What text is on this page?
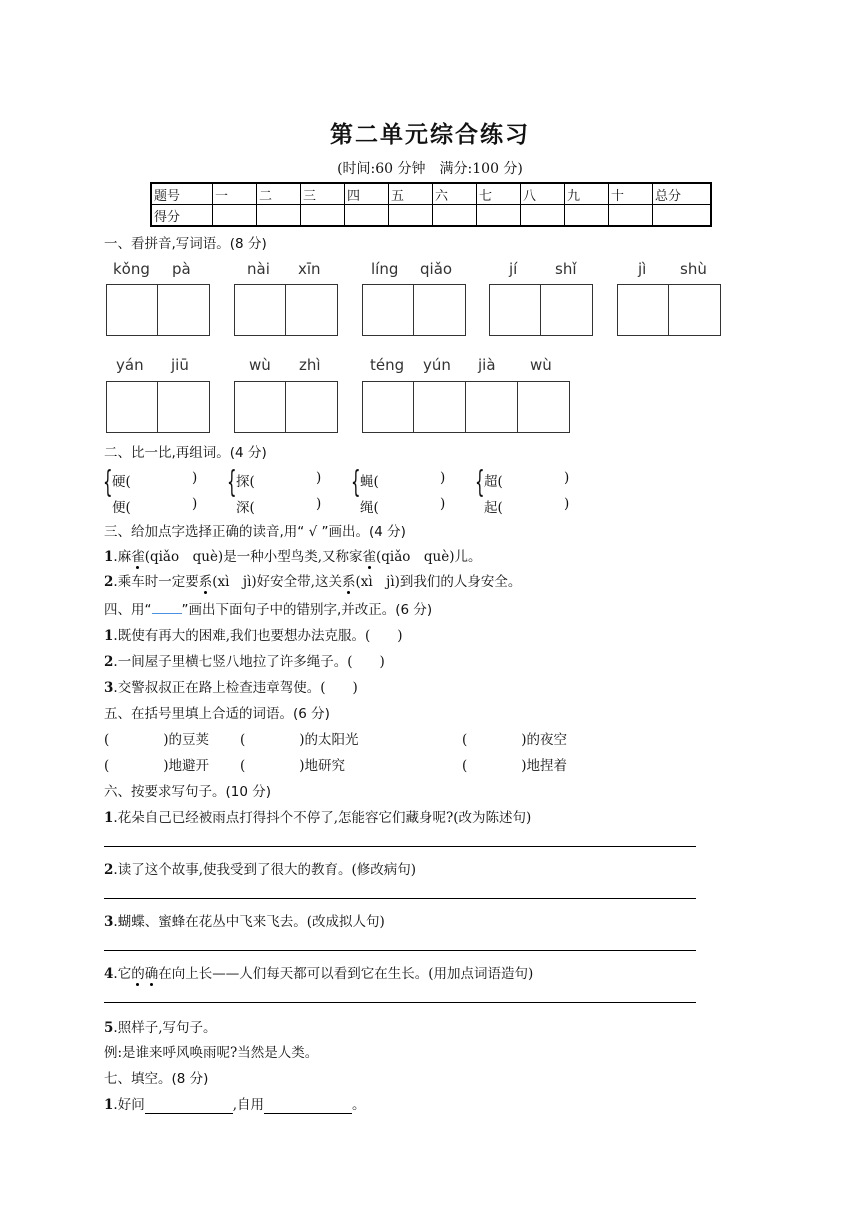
第二单元综合练习
(时间:60 分钟　满分:100 分)
题号	一	二	三	四	五	六	七	八	九	十	总分
得分											
一、看拼音,写词语。(8 分)
kǒng pà	nài xīn	líng qiǎo	jí	shǐ	jì shù
yán jiū	wù zhì	téng yún jià wù
二、比一比,再组词。(4 分)
{ 硬(	)
便(	)
{ 探(	)
深(	)
{ 蝇(	)
绳(	)
{ 超(	)
起(	)
三、给加点字选择正确的读音,用“ √ ”画出。(4 分)
1.麻雀(qiǎo　què)是一种小型鸟类,又称家雀(qiǎo　què)儿。
2.乘车时一定要系(xì　jì)好安全带,这关系(xì　jì)到我们的人身安全。
四、用“ ”画出下面句子中的错别字,并改正。(6 分)
1.既使有再大的困难,我们也要想办法克服。(　　)
2.一间屋子里横七竖八地拉了许多绳子。(　　)
3.交警叔叔正在路上检查违章驾使。(　　)
五、在括号里填上合适的词语。(6 分)
(　　　　)的豆荚 (　　　　)的太阳光	(　　　　)的夜空
(　　　　)地避开 (　　　　)地研究	(　　　　)地捏着
六、按要求写句子。(10 分)
1.花朵自己已经被雨点打得抖个不停了,怎能容它们藏身呢?(改为陈述句)
2.读了这个故事,使我受到了很大的教育。(修改病句)
3.蝴蝶、蜜蜂在花丛中飞来飞去。(改成拟人句)
4.它的确在向上长——人们每天都可以看到它在生长。(用加点词语造句)
5.照样子,写句子。
例:是谁来呼风唤雨呢?当然是人类。
七、填空。(8 分)
1.好问	,自用	。
